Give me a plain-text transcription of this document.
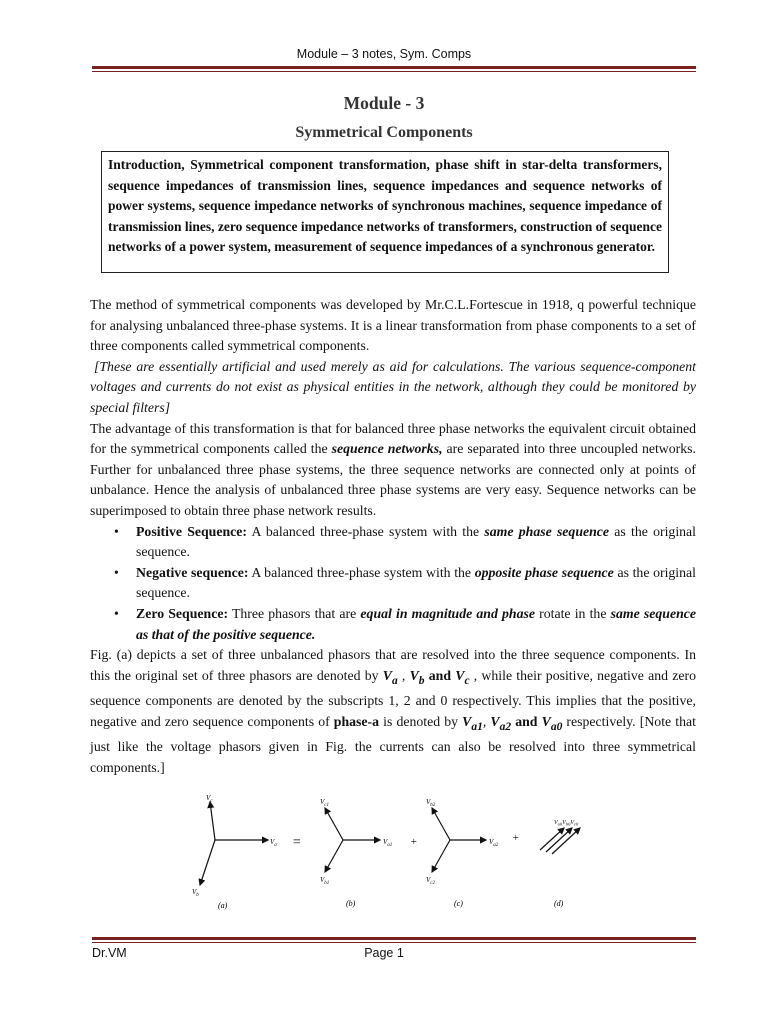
Module – 3 notes, Sym. Comps
Module - 3
Symmetrical Components
Introduction, Symmetrical component transformation, phase shift in star-delta transformers, sequence impedances of transmission lines, sequence impedances and sequence networks of power systems, sequence impedance networks of synchronous machines, sequence impedance of transmission lines, zero sequence impedance networks of transformers, construction of sequence networks of a power system, measurement of sequence impedances of a synchronous generator.

The method of symmetrical components was developed by Mr.C.L.Fortescue in 1918, q powerful technique for analysing unbalanced three-phase systems. It is a linear transformation from phase components to a set of three components called symmetrical components.

[These are essentially artificial and used merely as aid for calculations. The various sequence-component voltages and currents do not exist as physical entities in the network, although they could be monitored by special filters]

The advantage of this transformation is that for balanced three phase networks the equivalent circuit obtained for the symmetrical components called the sequence networks, are separated into three uncoupled networks. Further for unbalanced three phase systems, the three sequence networks are connected only at points of unbalance. Hence the analysis of unbalanced three phase systems are very easy. Sequence networks can be superimposed to obtain three phase network results.

• Positive Sequence: A balanced three-phase system with the same phase sequence as the original sequence.
• Negative sequence: A balanced three-phase system with the opposite phase sequence as the original sequence.
• Zero Sequence: Three phasors that are equal in magnitude and phase rotate in the same sequence as that of the positive sequence.

Fig. (a) depicts a set of three unbalanced phasors that are resolved into the three sequence components. In this the original set of three phasors are denoted by $V_a$ , $V_b$ and $V_c$ , while their positive, negative and zero sequence components are denoted by the subscripts 1, 2 and 0 respectively. This implies that the positive, negative and zero sequence components of phase-a is denoted by $V_{a1}$, $V_{a2}$ and $V_{a0}$ respectively. [Note that just like the voltage phasors given in Fig. the currents can also be resolved into three symmetrical components.]

$V_c$
$V_a$
$V_b$
(a)
=
$V_{c1}$
$V_{a1}$
$V_{b1}$
(b)
+
$V_{b2}$
$V_{a2}$
$V_{c2}$
(c)
+
$V_{a0}V_{b0}V_{c0}$
(d)
Dr.VM	Page 1
